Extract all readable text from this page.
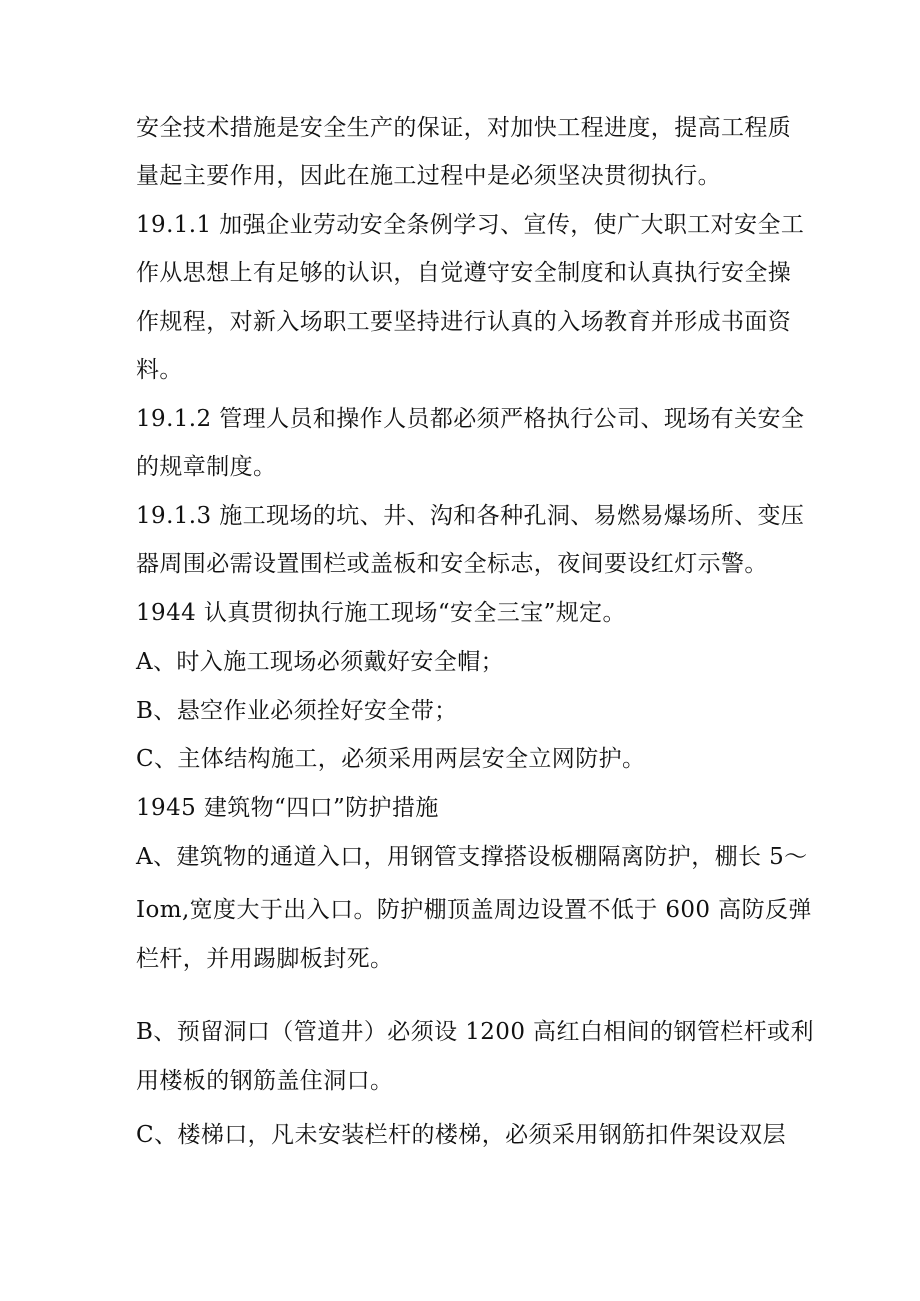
安全技术措施是安全生产的保证，对加快工程进度，提高工程质
量起主要作用，因此在施工过程中是必须坚决贯彻执行。
19.1.1 加强企业劳动安全条例学习、宣传，使广大职工对安全工
作从思想上有足够的认识，自觉遵守安全制度和认真执行安全操
作规程，对新入场职工要坚持进行认真的入场教育并形成书面资
料。
19.1.2 管理人员和操作人员都必须严格执行公司、现场有关安全
的规章制度。
19.1.3 施工现场的坑、井、沟和各种孔洞、易燃易爆场所、变压
器周围必需设置围栏或盖板和安全标志，夜间要设红灯示警。
1944 认真贯彻执行施工现场“安全三宝”规定。
A、时入施工现场必须戴好安全帽；
B、悬空作业必须拴好安全带；
C、主体结构施工，必须采用两层安全立网防护。
1945 建筑物“四口”防护措施
A、建筑物的通道入口，用钢管支撑搭设板棚隔离防护，棚长 5～
Iom,宽度大于出入口。防护棚顶盖周边设置不低于 600 高防反弹
栏杆，并用踢脚板封死。
B、预留洞口（管道井）必须设 1200 高红白相间的钢管栏杆或利
用楼板的钢筋盖住洞口。
C、楼梯口，凡未安装栏杆的楼梯，必须采用钢筋扣件架设双层
